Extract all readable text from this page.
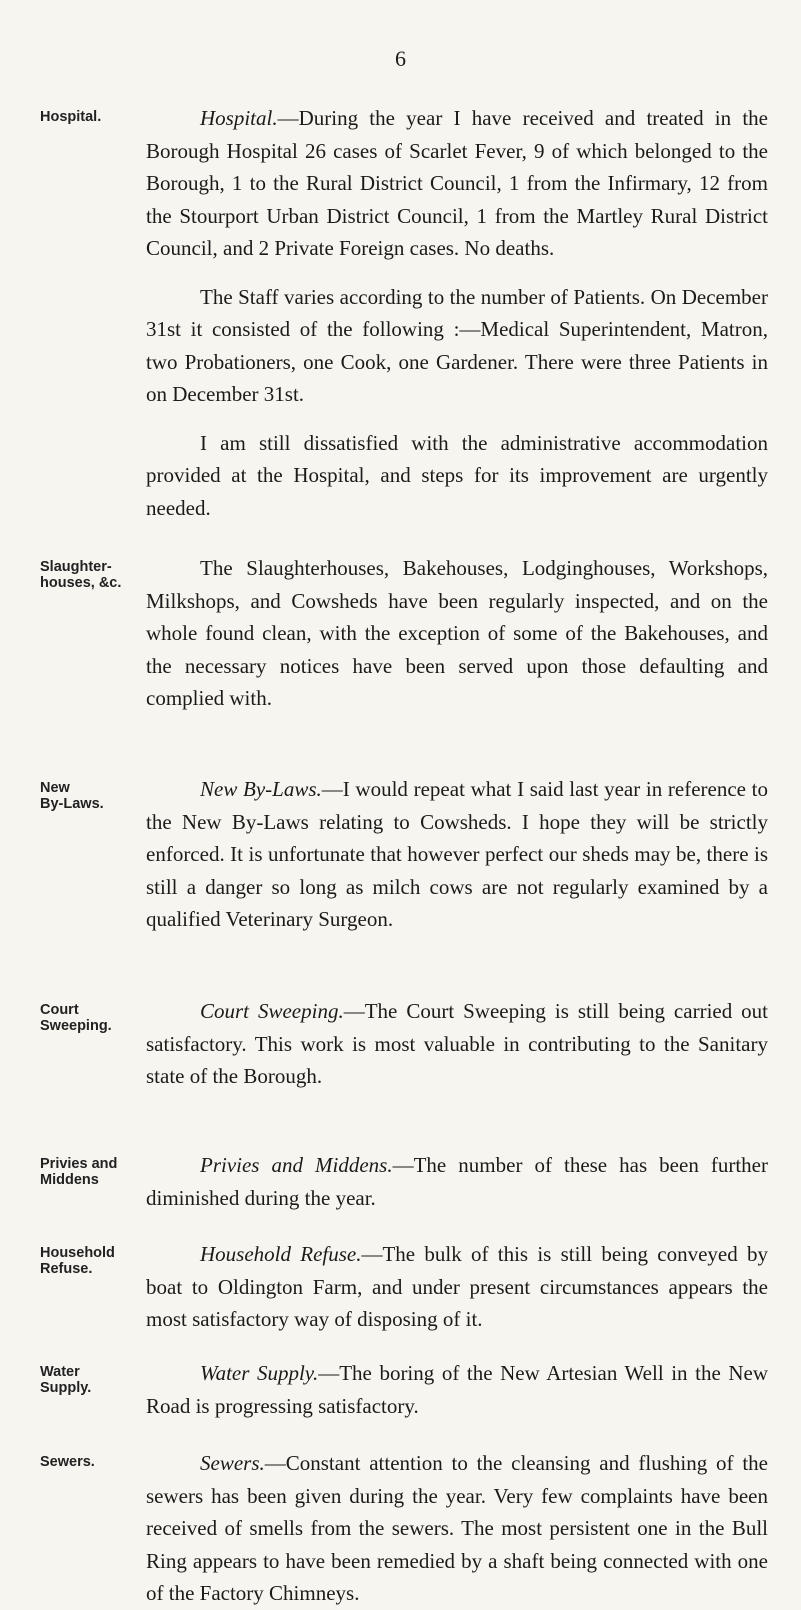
6
Hospital.	Hospital.—During the year I have received and treated in the Borough Hospital 26 cases of Scarlet Fever, 9 of which belonged to the Borough, 1 to the Rural District Council, 1 from the Infirmary, 12 from the Stourport Urban District Council, 1 from the Martley Rural District Council, and 2 Private Foreign cases. No deaths.

The Staff varies according to the number of Patients. On December 31st it consisted of the following :—Medical Superintendent, Matron, two Probationers, one Cook, one Gardener. There were three Patients in on December 31st.

I am still dissatisfied with the administrative accommodation provided at the Hospital, and steps for its improvement are urgently needed.

Slaughter-
houses, &c.

The Slaughterhouses, Bakehouses, Lodginghouses, Workshops, Milkshops, and Cowsheds have been regularly inspected, and on the whole found clean, with the exception of some of the Bakehouses, and the necessary notices have been served upon those defaulting and complied with.

New
By-Laws.

New By-Laws.—I would repeat what I said last year in reference to the New By-Laws relating to Cowsheds. I hope they will be strictly enforced. It is unfortunate that however perfect our sheds may be, there is still a danger so long as milch cows are not regularly examined by a qualified Veterinary Surgeon.

Court
Sweeping.

Court Sweeping.—The Court Sweeping is still being carried out satisfactory. This work is most valuable in contributing to the Sanitary state of the Borough.

Privies and
Middens

Privies and Middens.—The number of these has been further diminished during the year.

Household
Refuse.

Household Refuse.—The bulk of this is still being conveyed by boat to Oldington Farm, and under present circumstances appears the most satisfactory way of disposing of it.

Water
Supply.

Water Supply.—The boring of the New Artesian Well in the New Road is progressing satisfactory.

Sewers.	Sewers.—Constant attention to the cleansing and flushing of the sewers has been given during the year. Very few complaints have been received of smells from the sewers. The most persistent one in the Bull Ring appears to have been remedied by a shaft being connected with one of the Factory Chimneys.
